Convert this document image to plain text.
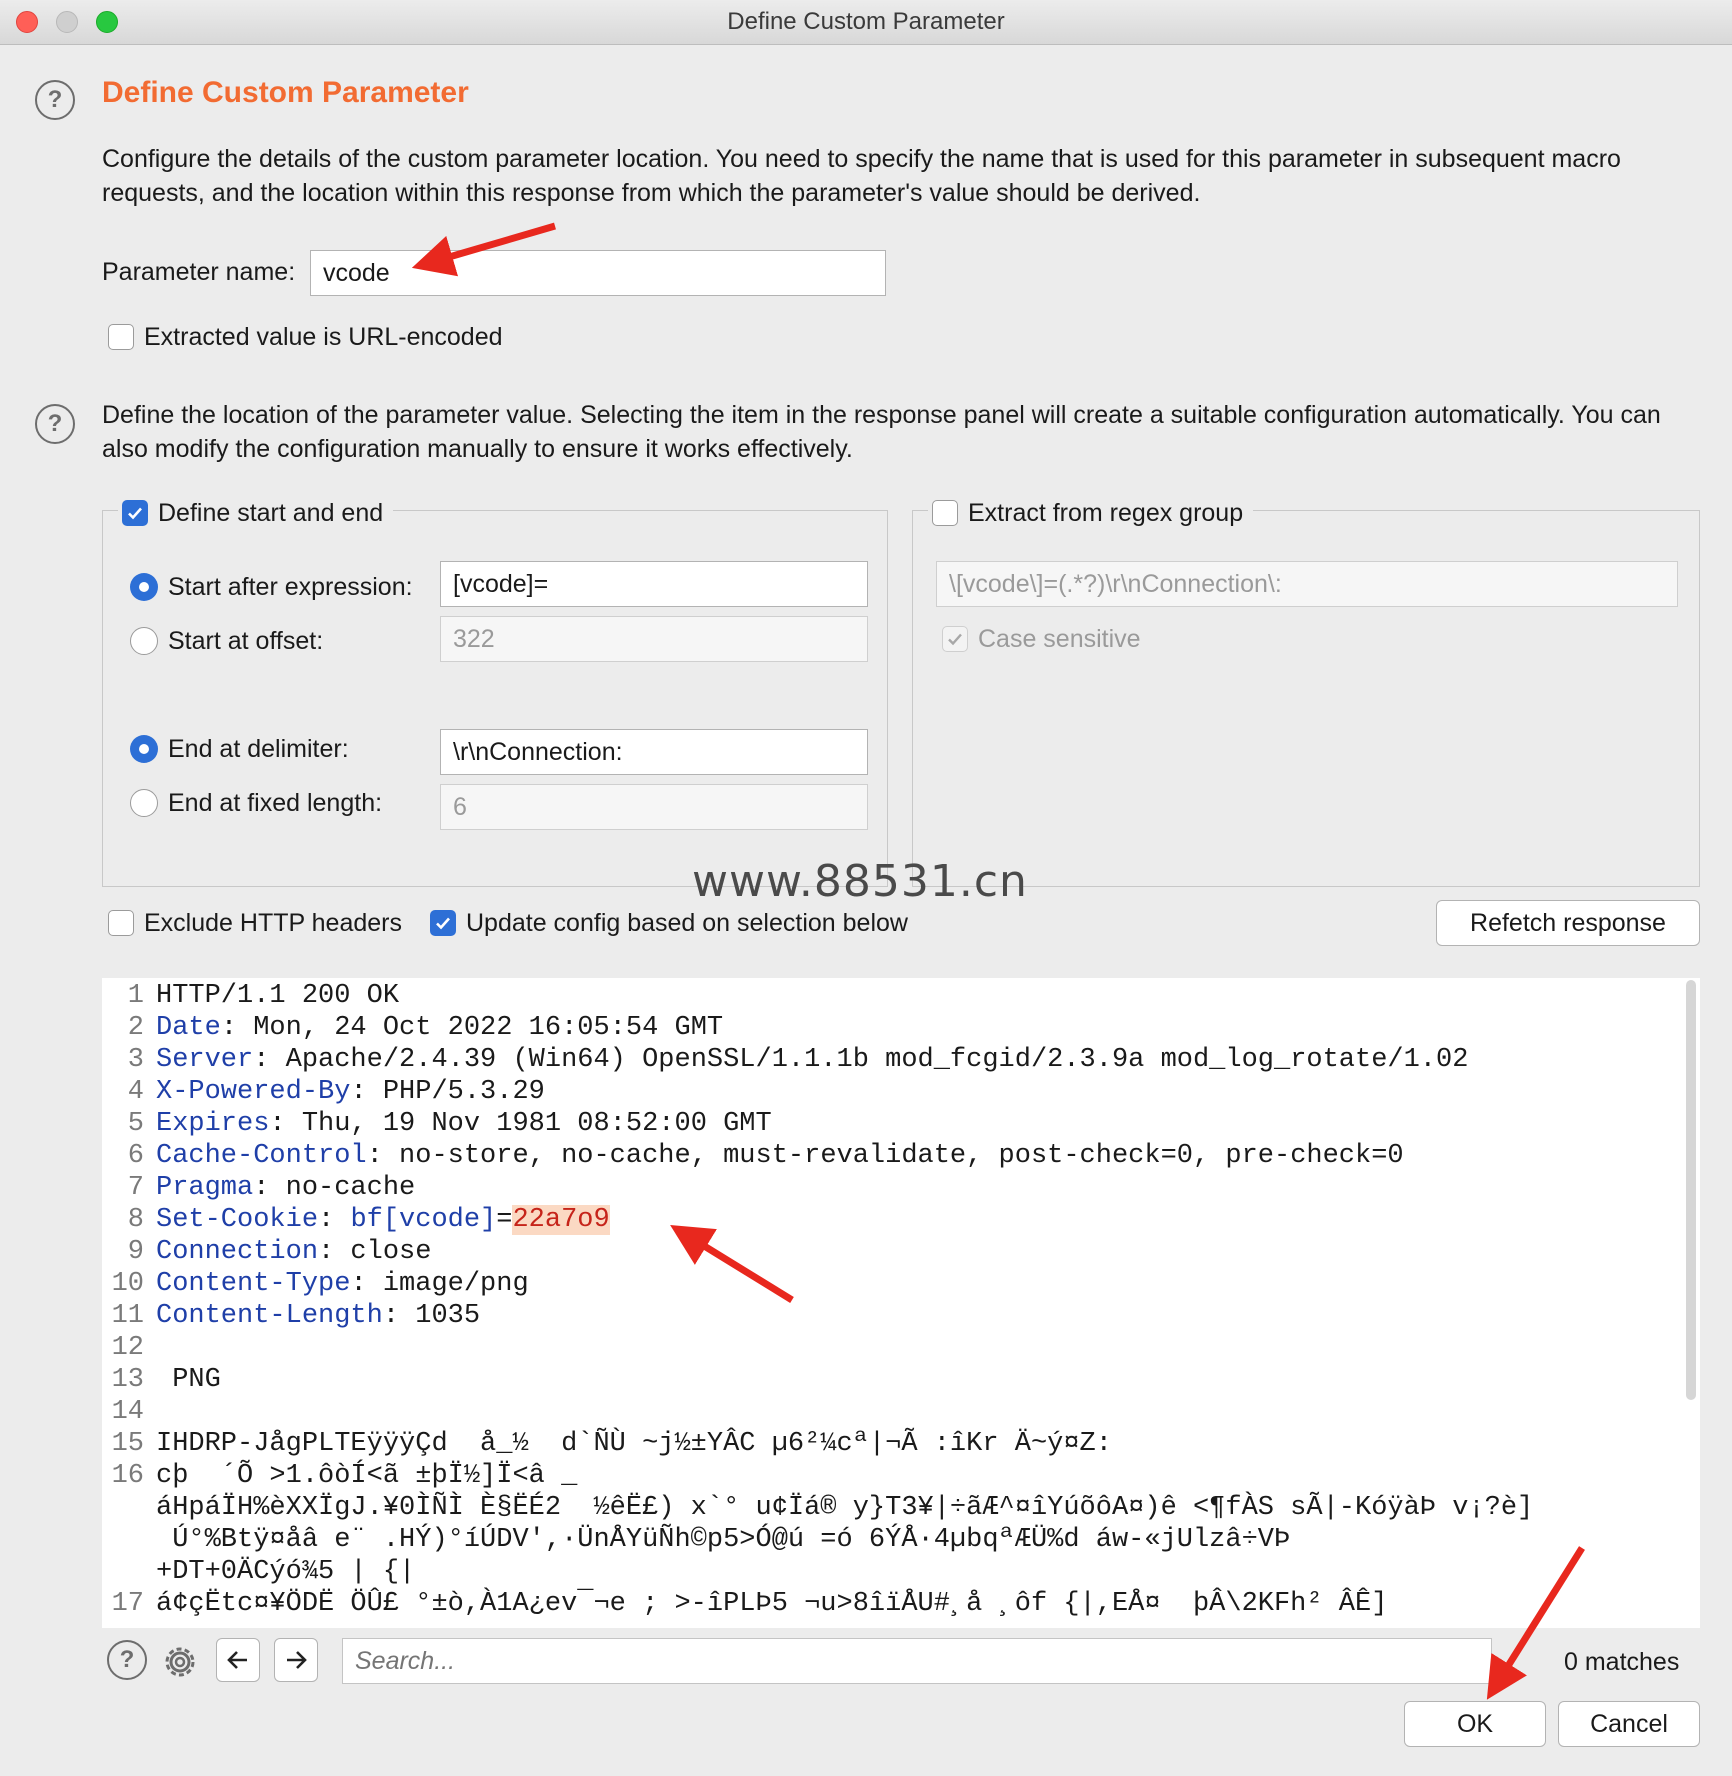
Define Custom Parameter
?	Define Custom Parameter
Configure the details of the custom parameter location. You need to specify the name that is used for this parameter in subsequent macro requests, and the location within this response from which the parameter's value should be derived.
Parameter name:	vcode
Extracted value is URL-encoded
?	Define the location of the parameter value. Selecting the item in the response panel will create a suitable configuration automatically. You can also modify the configuration manually to ensure it works effectively.
Define start and end
Start after expression:	[vcode]=
Start at offset:	322
End at delimiter:	\r\nConnection:
End at fixed length:	6
Extract from regex group
\[vcode\]=(.*?)\r\nConnection\:
Case sensitive
www.88531.cn
Exclude HTTP headers	Update config based on selection below	Refetch response
1 HTTP/1.1 200 OK
2 Date: Mon, 24 Oct 2022 16:05:54 GMT
3 Server: Apache/2.4.39 (Win64) OpenSSL/1.1.1b mod_fcgid/2.3.9a mod_log_rotate/1.02
4 X-Powered-By: PHP/5.3.29
5 Expires: Thu, 19 Nov 1981 08:52:00 GMT
6 Cache-Control: no-store, no-cache, must-revalidate, post-check=0, pre-check=0
7 Pragma: no-cache
8 Set-Cookie: bf[vcode]=22a7o9
9 Connection: close
10 Content-Type: image/png
11 Content-Length: 1035
12
13 PNG
14
15 IHDRP-JågPLTEÿÿÿÇd  å_½  d`ÑÙ ~j½±YÂC µ6²¼cª|¬Ã :îKr Ä~ý¤Z:
16 cþ  ´Õ >1.ôòÍ<ã ±þÏ½]Ï<â _
áHpáÏH%èXXÏgJ.¥0ÌÑÌ È§ËÉ2  ½êË£) x`° u¢Ïá® y}T3¥|÷ãÆ^¤îYúõôA¤)ê <¶fÀS sÃ|-KóÿàÞ v¡?è]
Ú°%Btÿ¤åâ e¨ .HÝ)°íÚDV',·ÜnÅYüÑh©p5>Ó@ú =ó 6ÝÅ·4µbqªÆÜ%d áw-«jUlzâ÷VÞ
+DT+0ÄCýó¾5 | {|
17 á¢çËtc¤¥ÖDË ÖÛ£ °±ò,À1A¿ev¯¬e ; >-îPLÞ5 ¬u>8îïÅU#¸å ¸ôf {|,EÅ¤  þÂ\2KFh² ÂÊ]
?
Search...	0 matches
OK	Cancel
